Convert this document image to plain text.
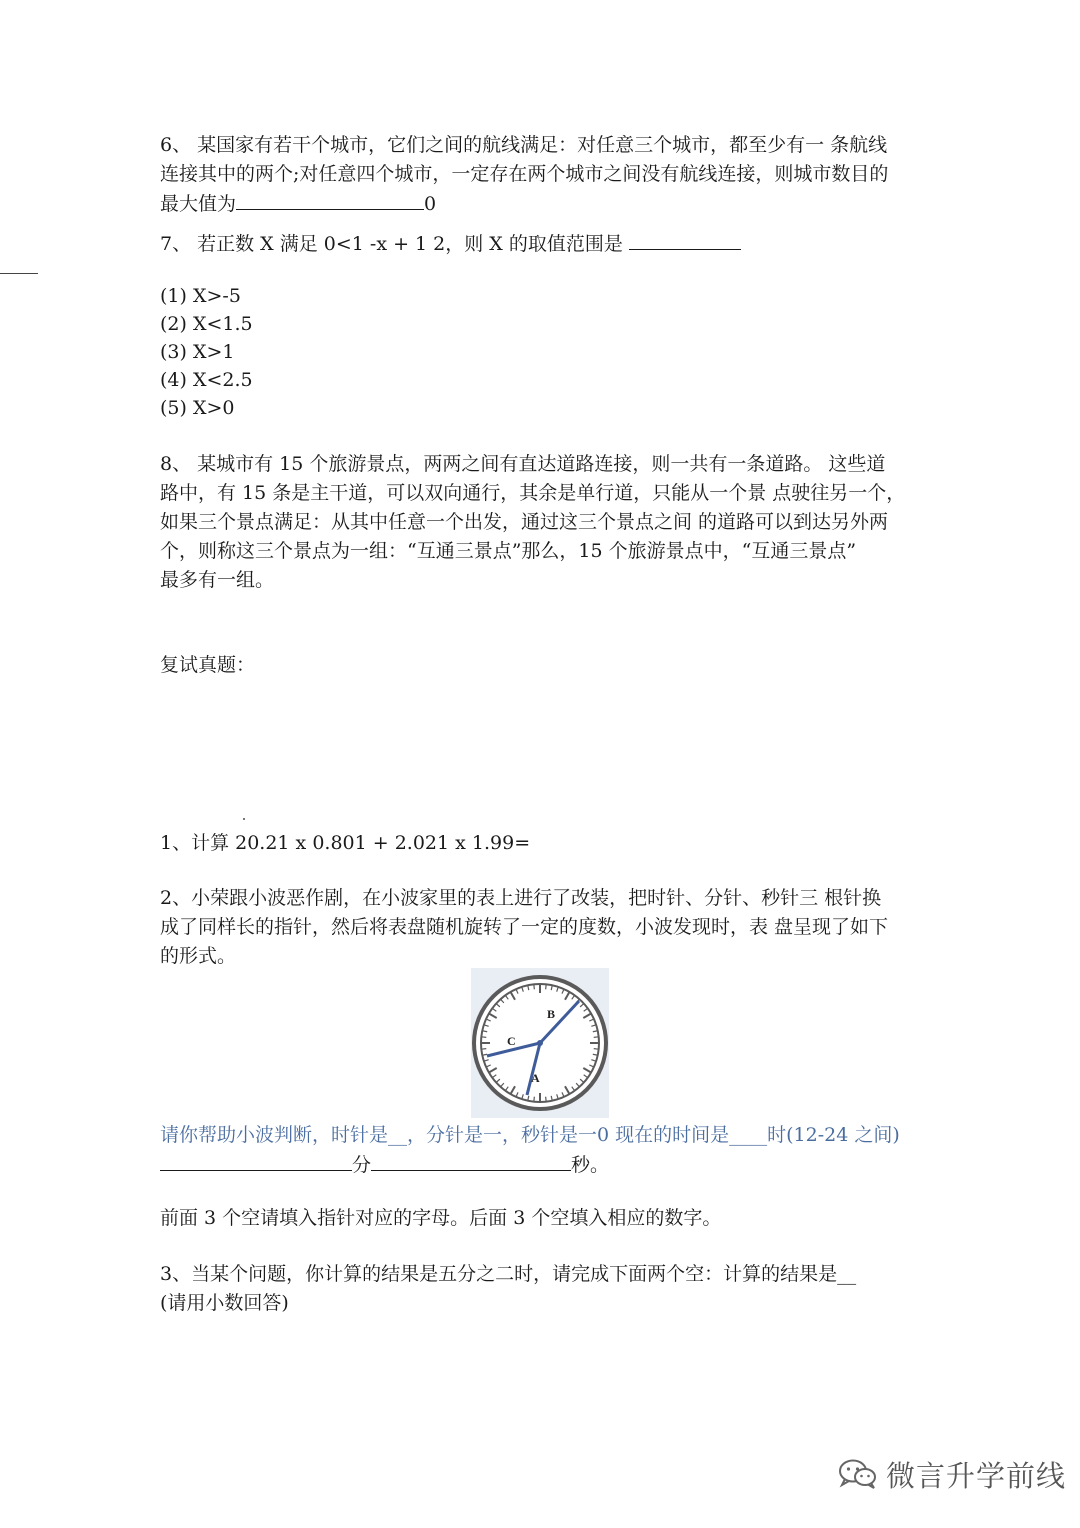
6、 某国家有若干个城市，它们之间的航线满足：对任意三个城市，都至少有一 条航线
连接其中的两个;对任意四个城市，一定存在两个城市之间没有航线连接，则城市数目的
最大值为	0
7、 若正数 X 满足 0<1 -x + 1 2，则 X 的取值范围是
(1) X>-5
(2) X<1.5
(3) X>1
(4) X<2.5
(5) X>0
8、 某城市有 15 个旅游景点，两两之间有直达道路连接，则一共有一条道路。 这些道
路中，有 15 条是主干道，可以双向通行，其余是单行道，只能从一个景 点驶往另一个，
如果三个景点满足：从其中任意一个出发，通过这三个景点之间 的道路可以到达另外两
个，则称这三个景点为一组：“互通三景点”那么，15 个旅游景点中，“互通三景点”
最多有一组。
复试真题：
1、计算 20.21 x 0.801 + 2.021 x 1.99=
2、小荣跟小波恶作剧，在小波家里的表上进行了改装，把时针、分针、秒针三 根针换
成了同样长的指针，然后将表盘随机旋转了一定的度数，小波发现时，表 盘呈现了如下
的形式。
B
C
A
请你帮助小波判断，时针是__，分针是一，秒针是一0 现在的时间是____时(12-24 之间)
分	秒。
前面 3 个空请填入指针对应的字母。后面 3 个空填入相应的数字。
3、当某个问题，你计算的结果是五分之二时，请完成下面两个空：计算的结果是__
(请用小数回答)
微言升学前线
